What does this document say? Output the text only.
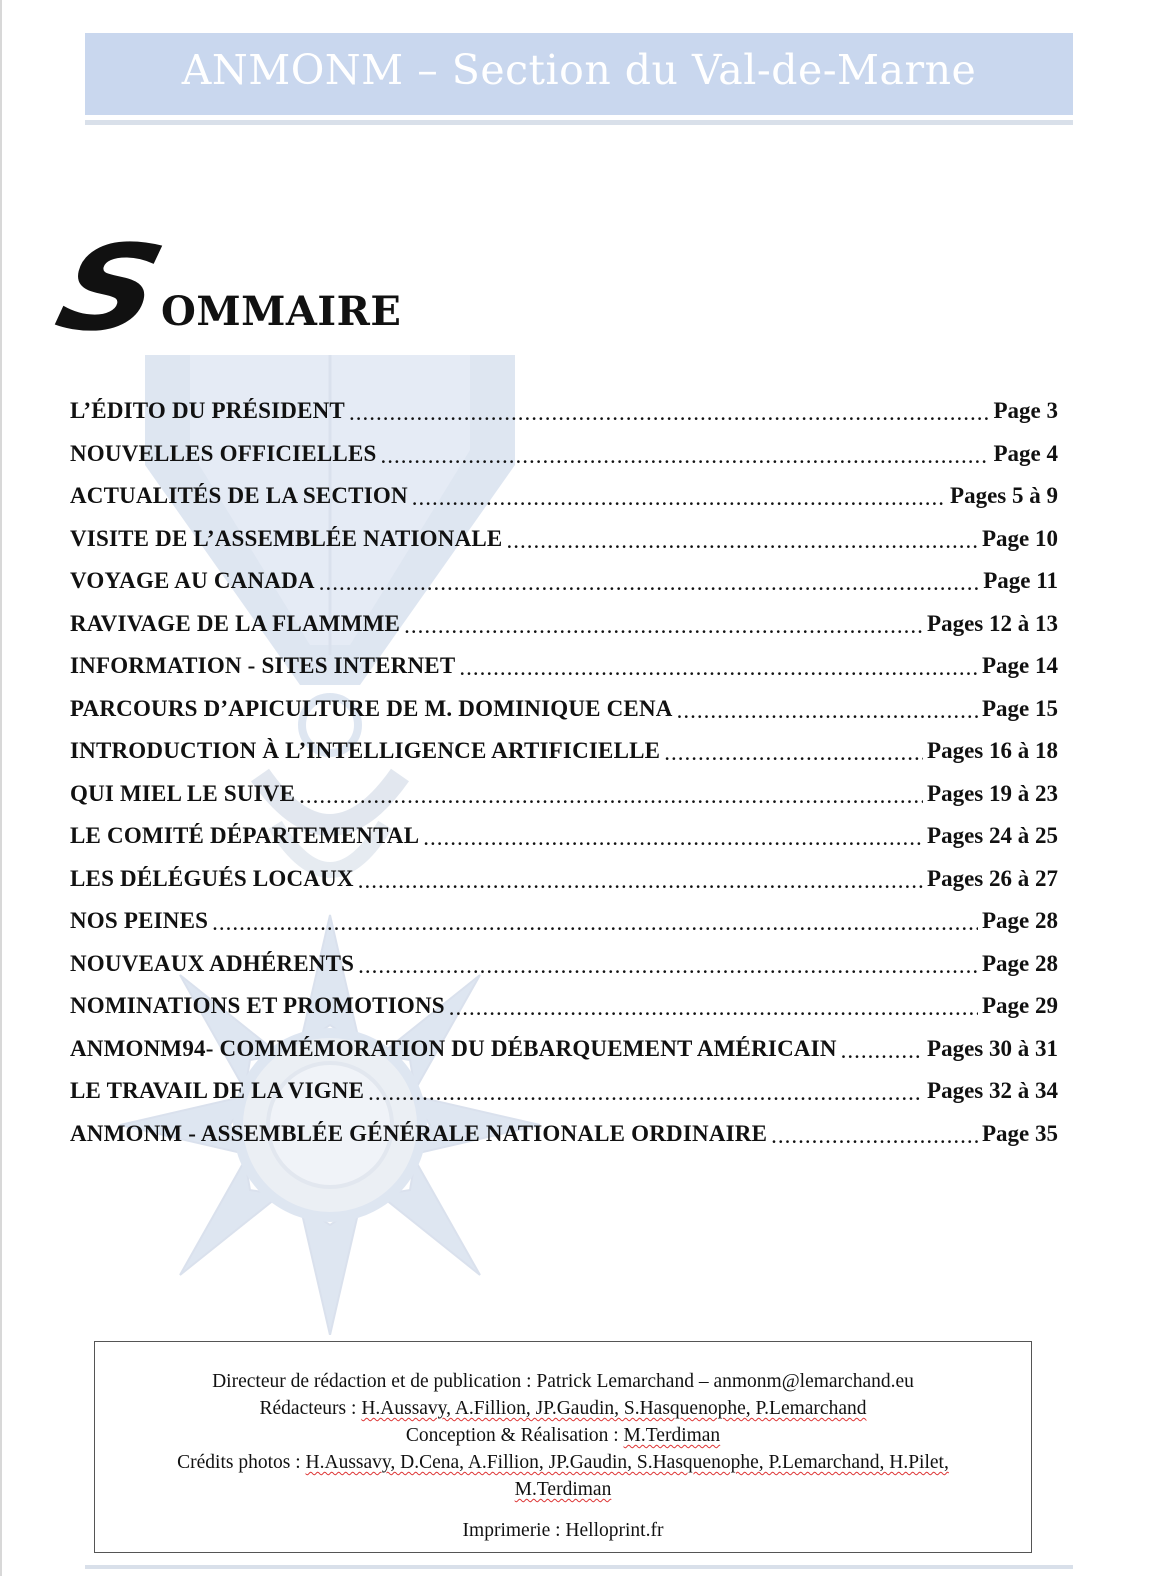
ANMONM – Section du Val-de-Marne
S
OMMAIRE
L’ÉDITO DU PRÉSIDENT .....	Page 3
NOUVELLES OFFICIELLES .....	Page 4
ACTUALITÉS DE LA SECTION .....	Pages 5 à 9
VISITE DE L’ASSEMBLÉE NATIONALE .....	Page 10
VOYAGE AU CANADA .....	Page 11
RAVIVAGE DE LA FLAMMME .....	Pages 12 à 13
INFORMATION - SITES INTERNET .....	Page 14
PARCOURS D’APICULTURE DE M. DOMINIQUE CENA .....	Page 15
INTRODUCTION À L’INTELLIGENCE ARTIFICIELLE .....	Pages 16 à 18
QUI MIEL LE SUIVE .....	Pages 19 à 23
LE COMITÉ DÉPARTEMENTAL .....	Pages 24 à 25
LES DÉLÉGUÉS LOCAUX .....	Pages 26 à 27
NOS PEINES .....	Page 28
NOUVEAUX ADHÉRENTS .....	Page 28
NOMINATIONS ET PROMOTIONS .....	Page 29
ANMONM94- COMMÉMORATION DU DÉBARQUEMENT AMÉRICAIN .....	Pages 30 à 31
LE TRAVAIL DE LA VIGNE .....	Pages 32 à 34
ANMONM - ASSEMBLÉE GÉNÉRALE NATIONALE ORDINAIRE .....	Page 35
Directeur de rédaction et de publication : Patrick Lemarchand – anmonm@lemarchand.eu
Rédacteurs : H.Aussavy, A.Fillion, JP.Gaudin, S.Hasquenophe, P.Lemarchand
Conception & Réalisation : M.Terdiman
Crédits photos : H.Aussavy, D.Cena, A.Fillion, JP.Gaudin, S.Hasquenophe, P.Lemarchand, H.Pilet,
M.Terdiman
Imprimerie : Helloprint.fr
